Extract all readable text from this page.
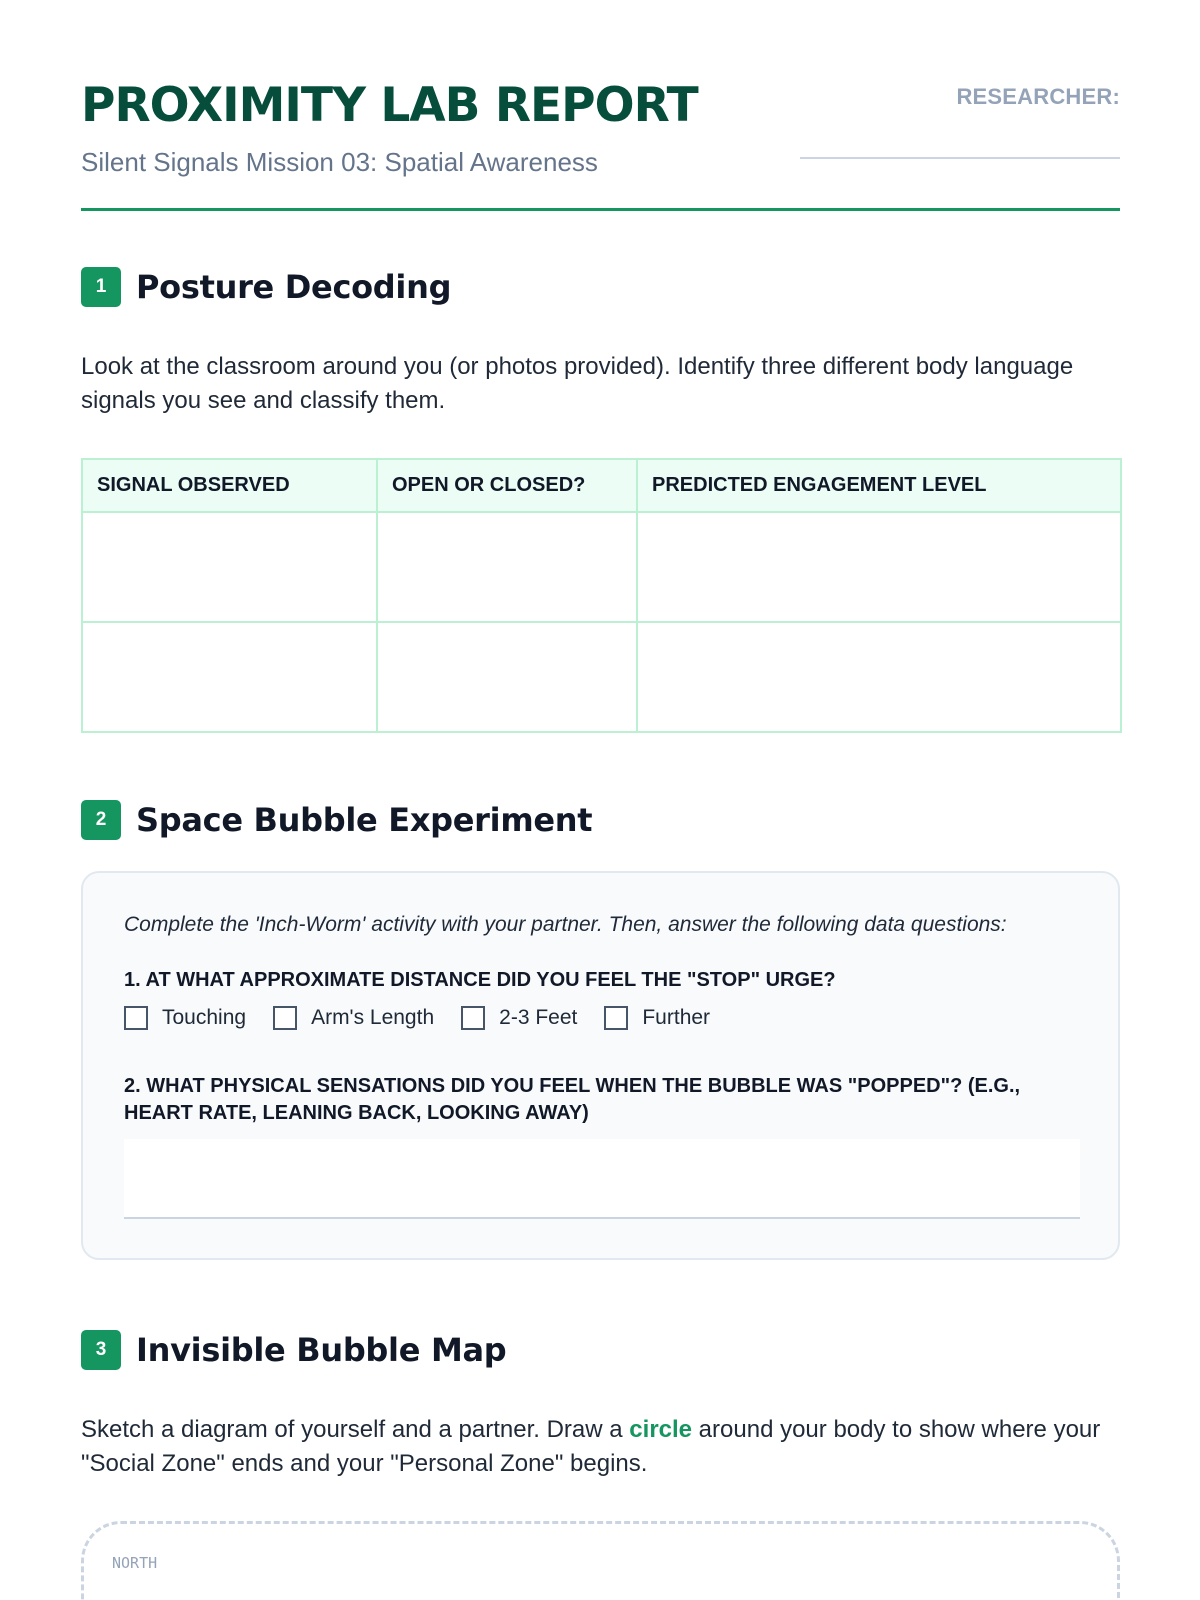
PROXIMITY LAB REPORT
Silent Signals Mission 03: Spatial Awareness
RESEARCHER:
1 Posture Decoding
Look at the classroom around you (or photos provided). Identify three different body language signals you see and classify them.
SIGNAL OBSERVED	OPEN OR CLOSED?	PREDICTED ENGAGEMENT LEVEL

2 Space Bubble Experiment
Complete the 'Inch-Worm' activity with your partner. Then, answer the following data questions:
1. AT WHAT APPROXIMATE DISTANCE DID YOU FEEL THE "STOP" URGE?
Touching	Arm's Length	2-3 Feet	Further
2. WHAT PHYSICAL SENSATIONS DID YOU FEEL WHEN THE BUBBLE WAS "POPPED"? (E.G., HEART RATE, LEANING BACK, LOOKING AWAY)
3 Invisible Bubble Map
Sketch a diagram of yourself and a partner. Draw a circle around your body to show where your "Social Zone" ends and your "Personal Zone" begins.
NORTH
